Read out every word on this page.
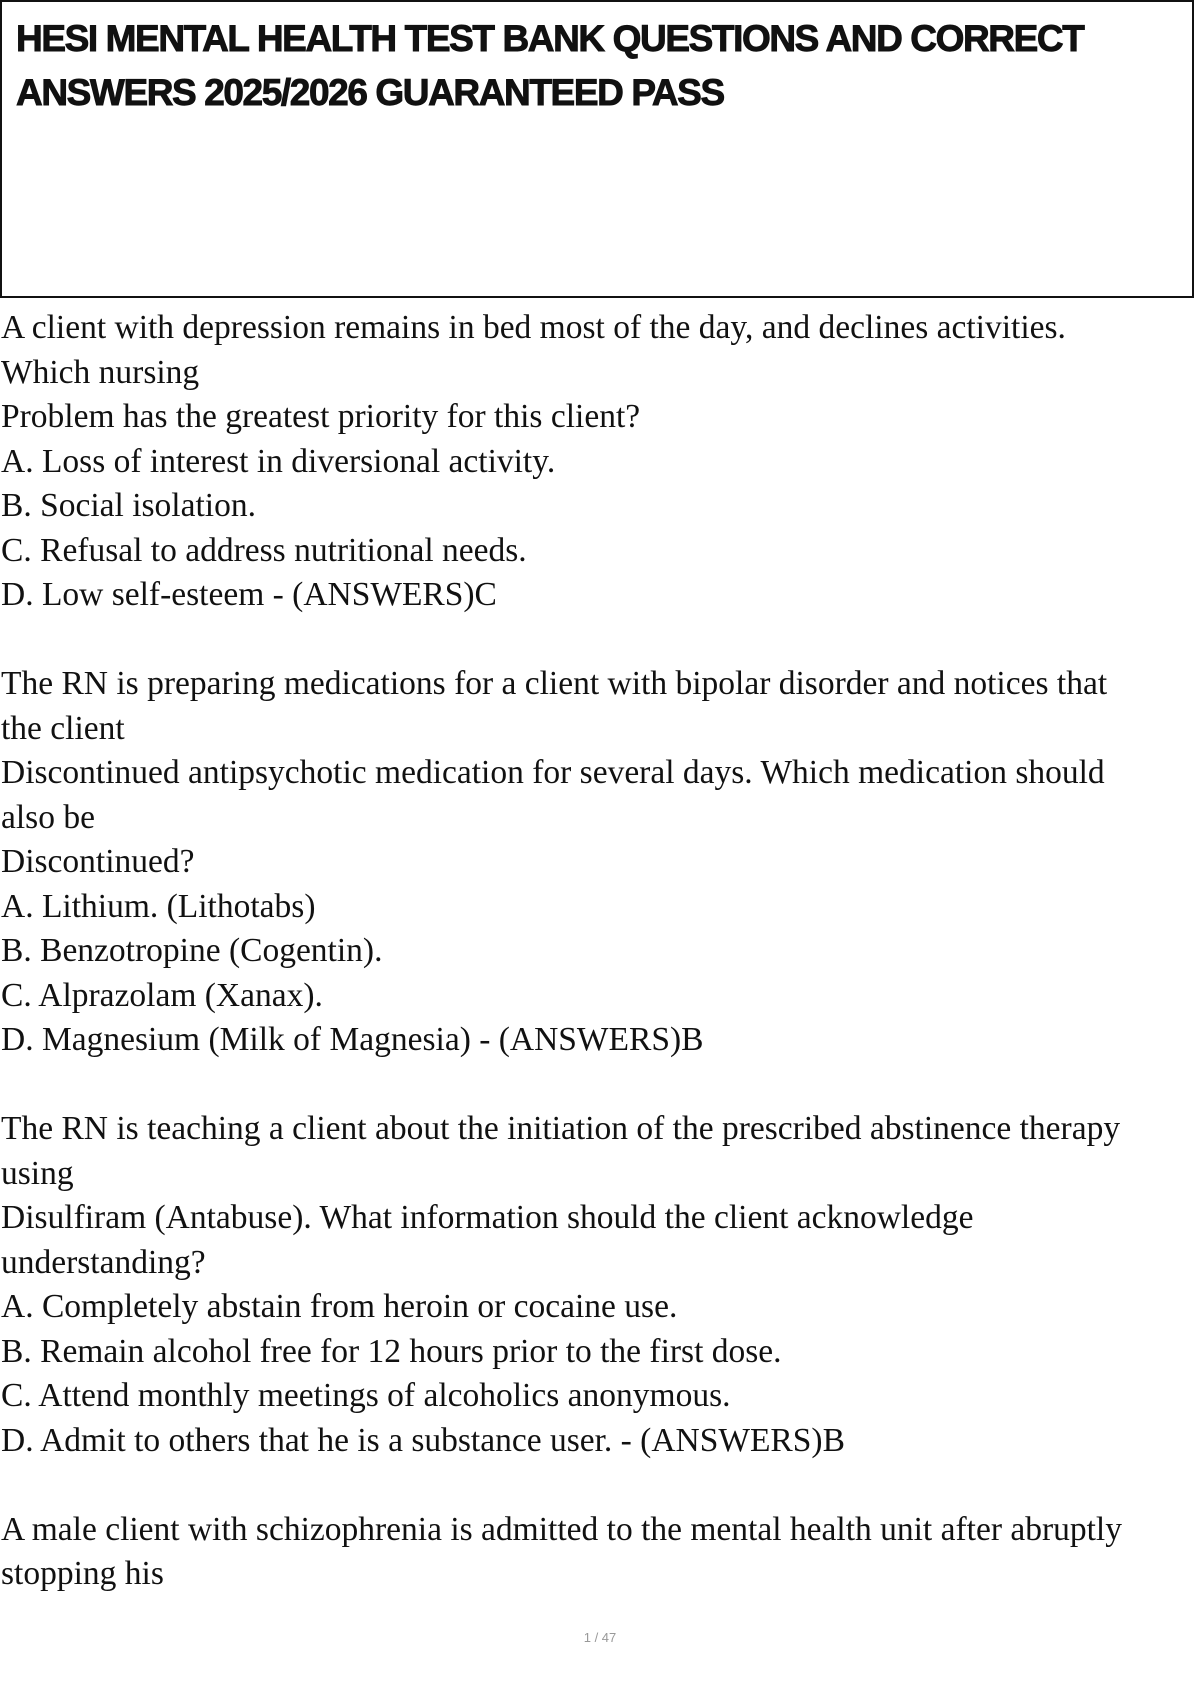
HESI MENTAL HEALTH TEST BANK QUESTIONS AND CORRECT
ANSWERS 2025/2026 GUARANTEED PASS
A client with depression remains in bed most of the day, and declines activities.
Which nursing
Problem has the greatest priority for this client?
A. Loss of interest in diversional activity.
B. Social isolation.
C. Refusal to address nutritional needs.
D. Low self-esteem - (ANSWERS)C
The RN is preparing medications for a client with bipolar disorder and notices that
the client
Discontinued antipsychotic medication for several days. Which medication should
also be
Discontinued?
A. Lithium. (Lithotabs)
B. Benzotropine (Cogentin).
C. Alprazolam (Xanax).
D. Magnesium (Milk of Magnesia) - (ANSWERS)B
The RN is teaching a client about the initiation of the prescribed abstinence therapy
using
Disulfiram (Antabuse). What information should the client acknowledge
understanding?
A. Completely abstain from heroin or cocaine use.
B. Remain alcohol free for 12 hours prior to the first dose.
C. Attend monthly meetings of alcoholics anonymous.
D. Admit to others that he is a substance user. - (ANSWERS)B
A male client with schizophrenia is admitted to the mental health unit after abruptly
stopping his
1 / 47
